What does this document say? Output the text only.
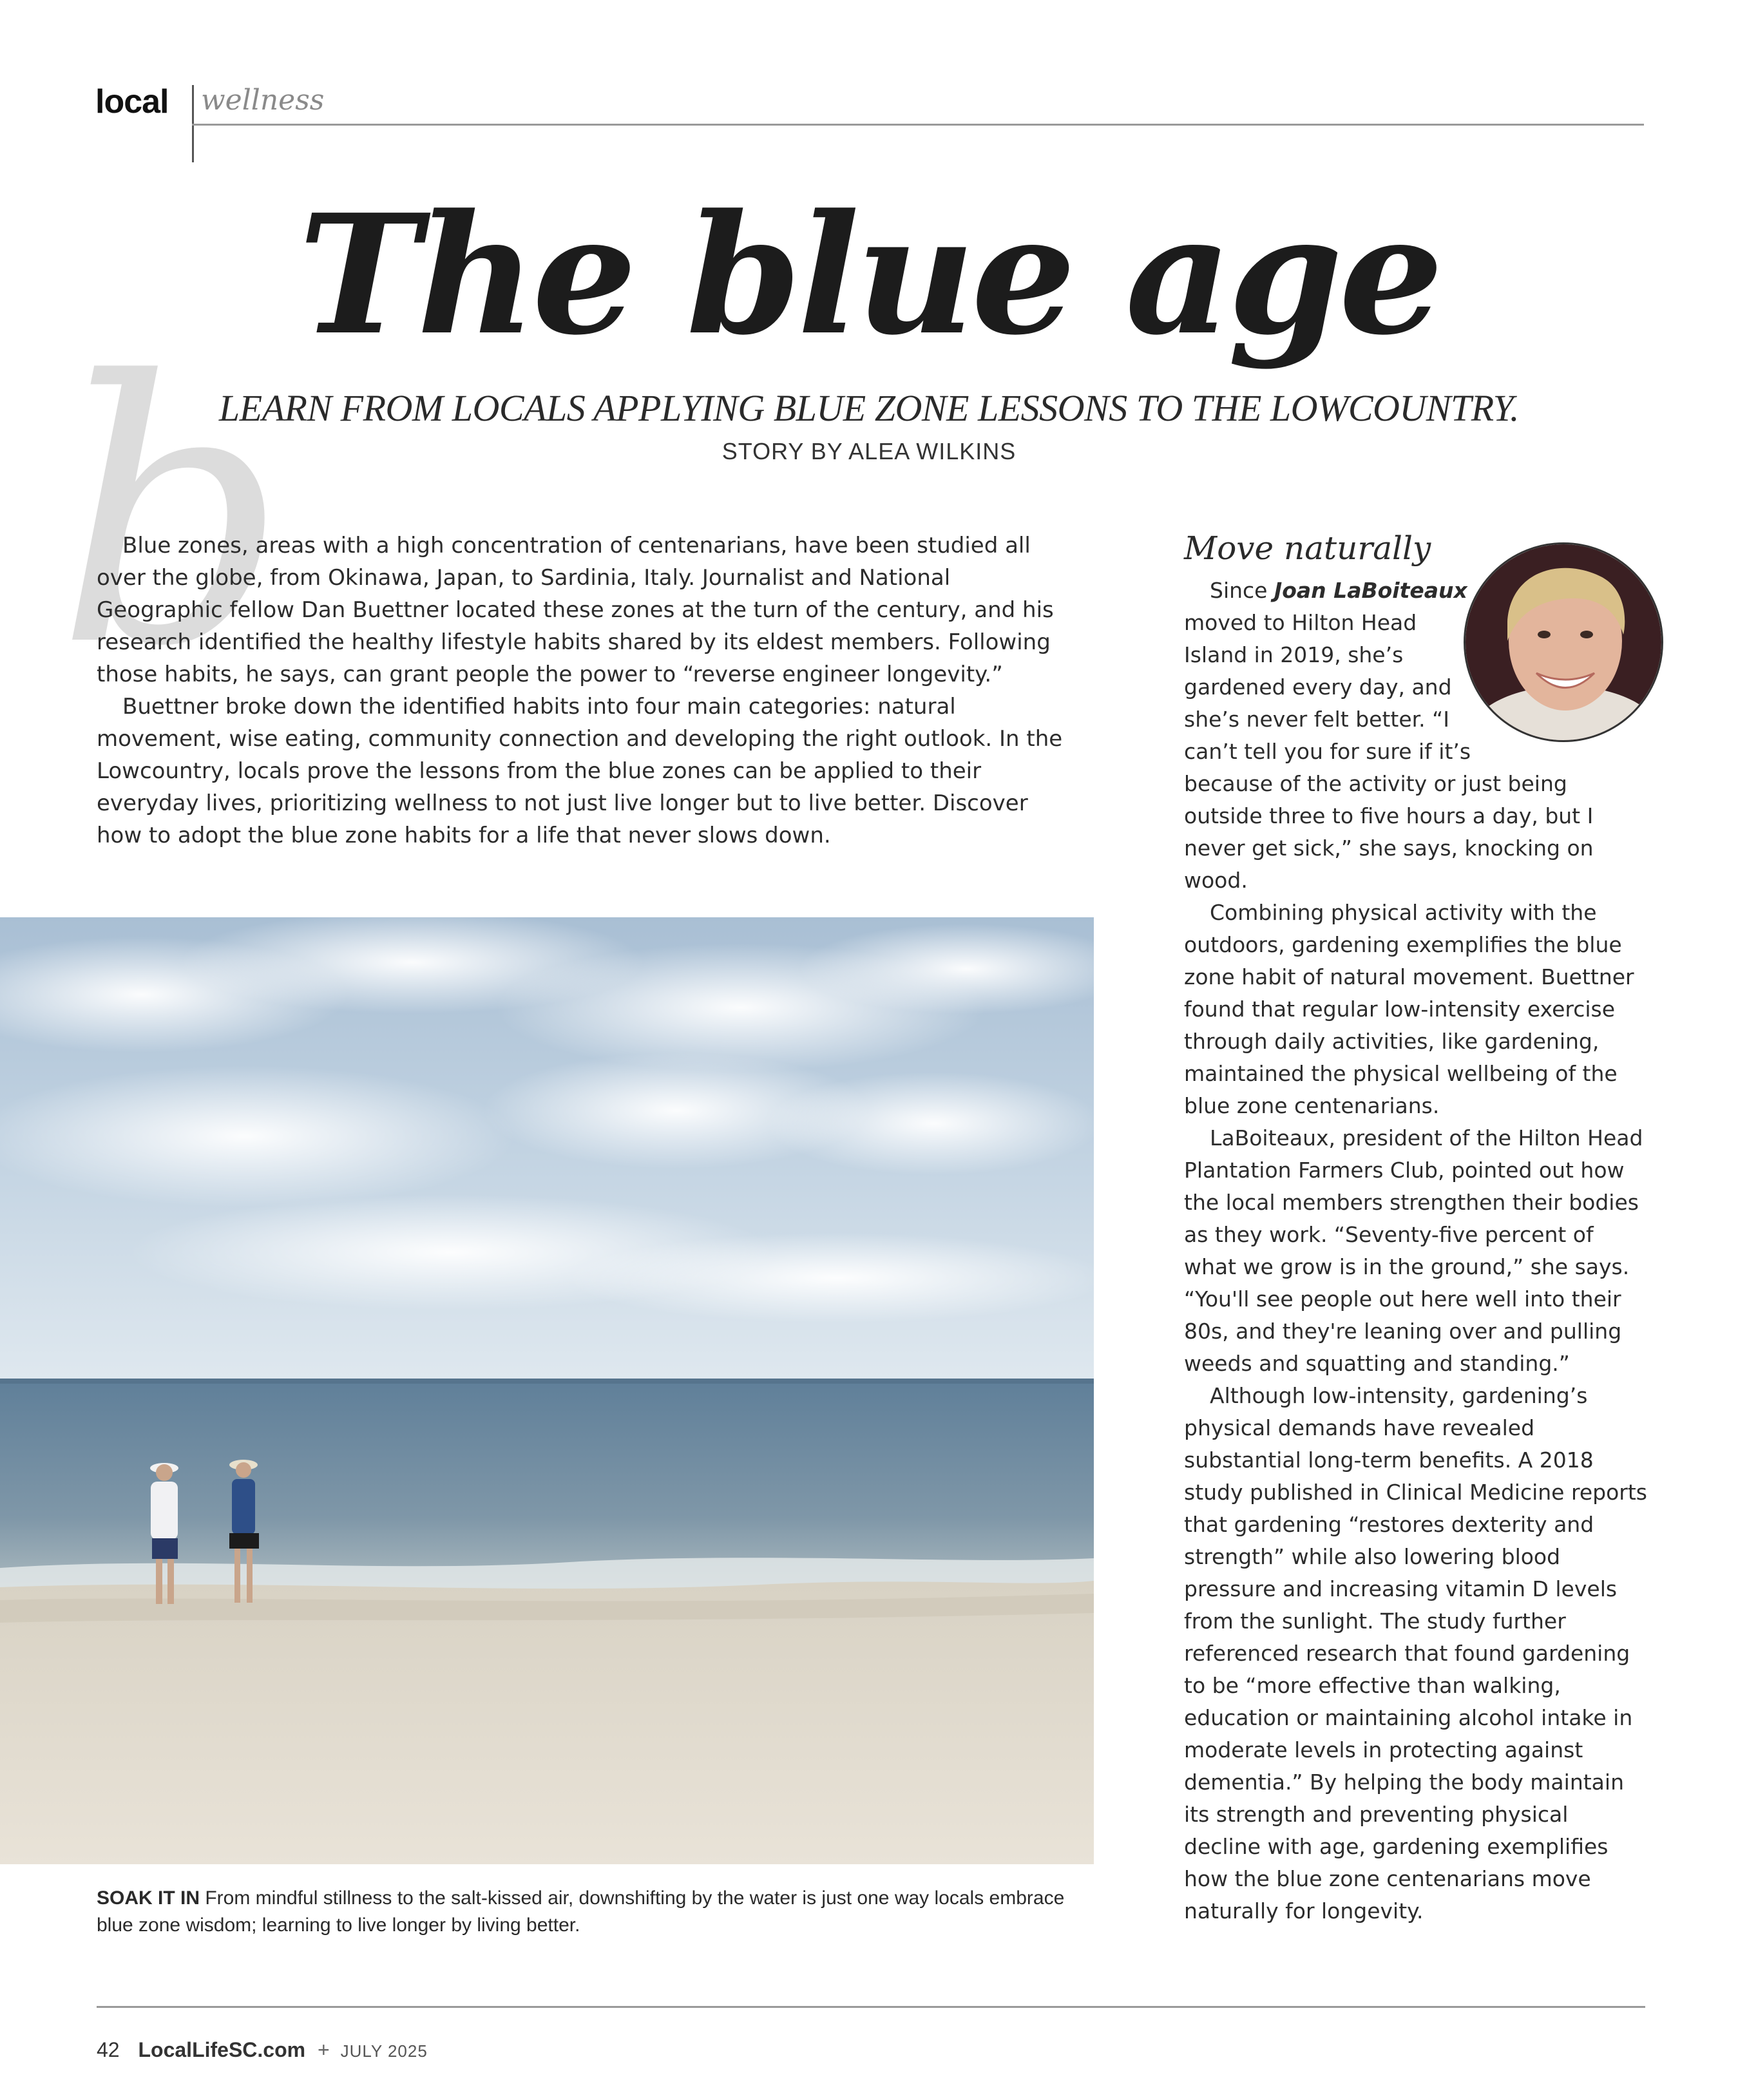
local wellness
b
The blue age
LEARN FROM LOCALS APPLYING BLUE ZONE LESSONS TO THE LOWCOUNTRY.
STORY BY ALEA WILKINS

Blue zones, areas with a high concentration of centenarians, have been studied all over the globe, from Okinawa, Japan, to Sardinia, Italy. Journalist and National Geographic fellow Dan Buettner located these zones at the turn of the century, and his research identified the healthy lifestyle habits shared by its eldest members. Following those habits, he says, can grant people the power to “reverse engineer longevity.”

Buettner broke down the identified habits into four main categories: natural movement, wise eating, community connection and developing the right outlook. In the Lowcountry, locals prove the lessons from the blue zones can be applied to their everyday lives, prioritizing wellness to not just live longer but to live better. Discover how to adopt the blue zone habits for a life that never slows down.

SOAK IT IN From mindful stillness to the salt-kissed air, downshifting by the water is just one way locals embrace blue zone wisdom; learning to live longer by living better.
Move naturally

Since Joan LaBoiteaux moved to Hilton Head Island in 2019, she’s gardened every day, and she’s never felt better. “I can’t tell you for sure if it’s because of the activity or just being outside three to five hours a day, but I never get sick,” she says, knocking on wood.

Combining physical activity with the outdoors, gardening exemplifies the blue zone habit of natural movement. Buettner found that regular low-intensity exercise through daily activities, like gardening, maintained the physical wellbeing of the blue zone centenarians.

LaBoiteaux, president of the Hilton Head Plantation Farmers Club, pointed out how the local members strengthen their bodies as they work. “Seventy-five percent of what we grow is in the ground,” she says. “You'll see people out here well into their 80s, and they're leaning over and pulling weeds and squatting and standing.”

Although low-intensity, gardening’s physical demands have revealed substantial long-term benefits. A 2018 study published in Clinical Medicine reports that gardening “restores dexterity and strength” while also lowering blood pressure and increasing vitamin D levels from the sunlight. The study further referenced research that found gardening to be “more effective than walking, education or maintaining alcohol intake in moderate levels in protecting against dementia.” By helping the body maintain its strength and preventing physical decline with age, gardening exemplifies how the blue zone centenarians move naturally for longevity.

42 LocalLifeSC.com + JULY 2025
